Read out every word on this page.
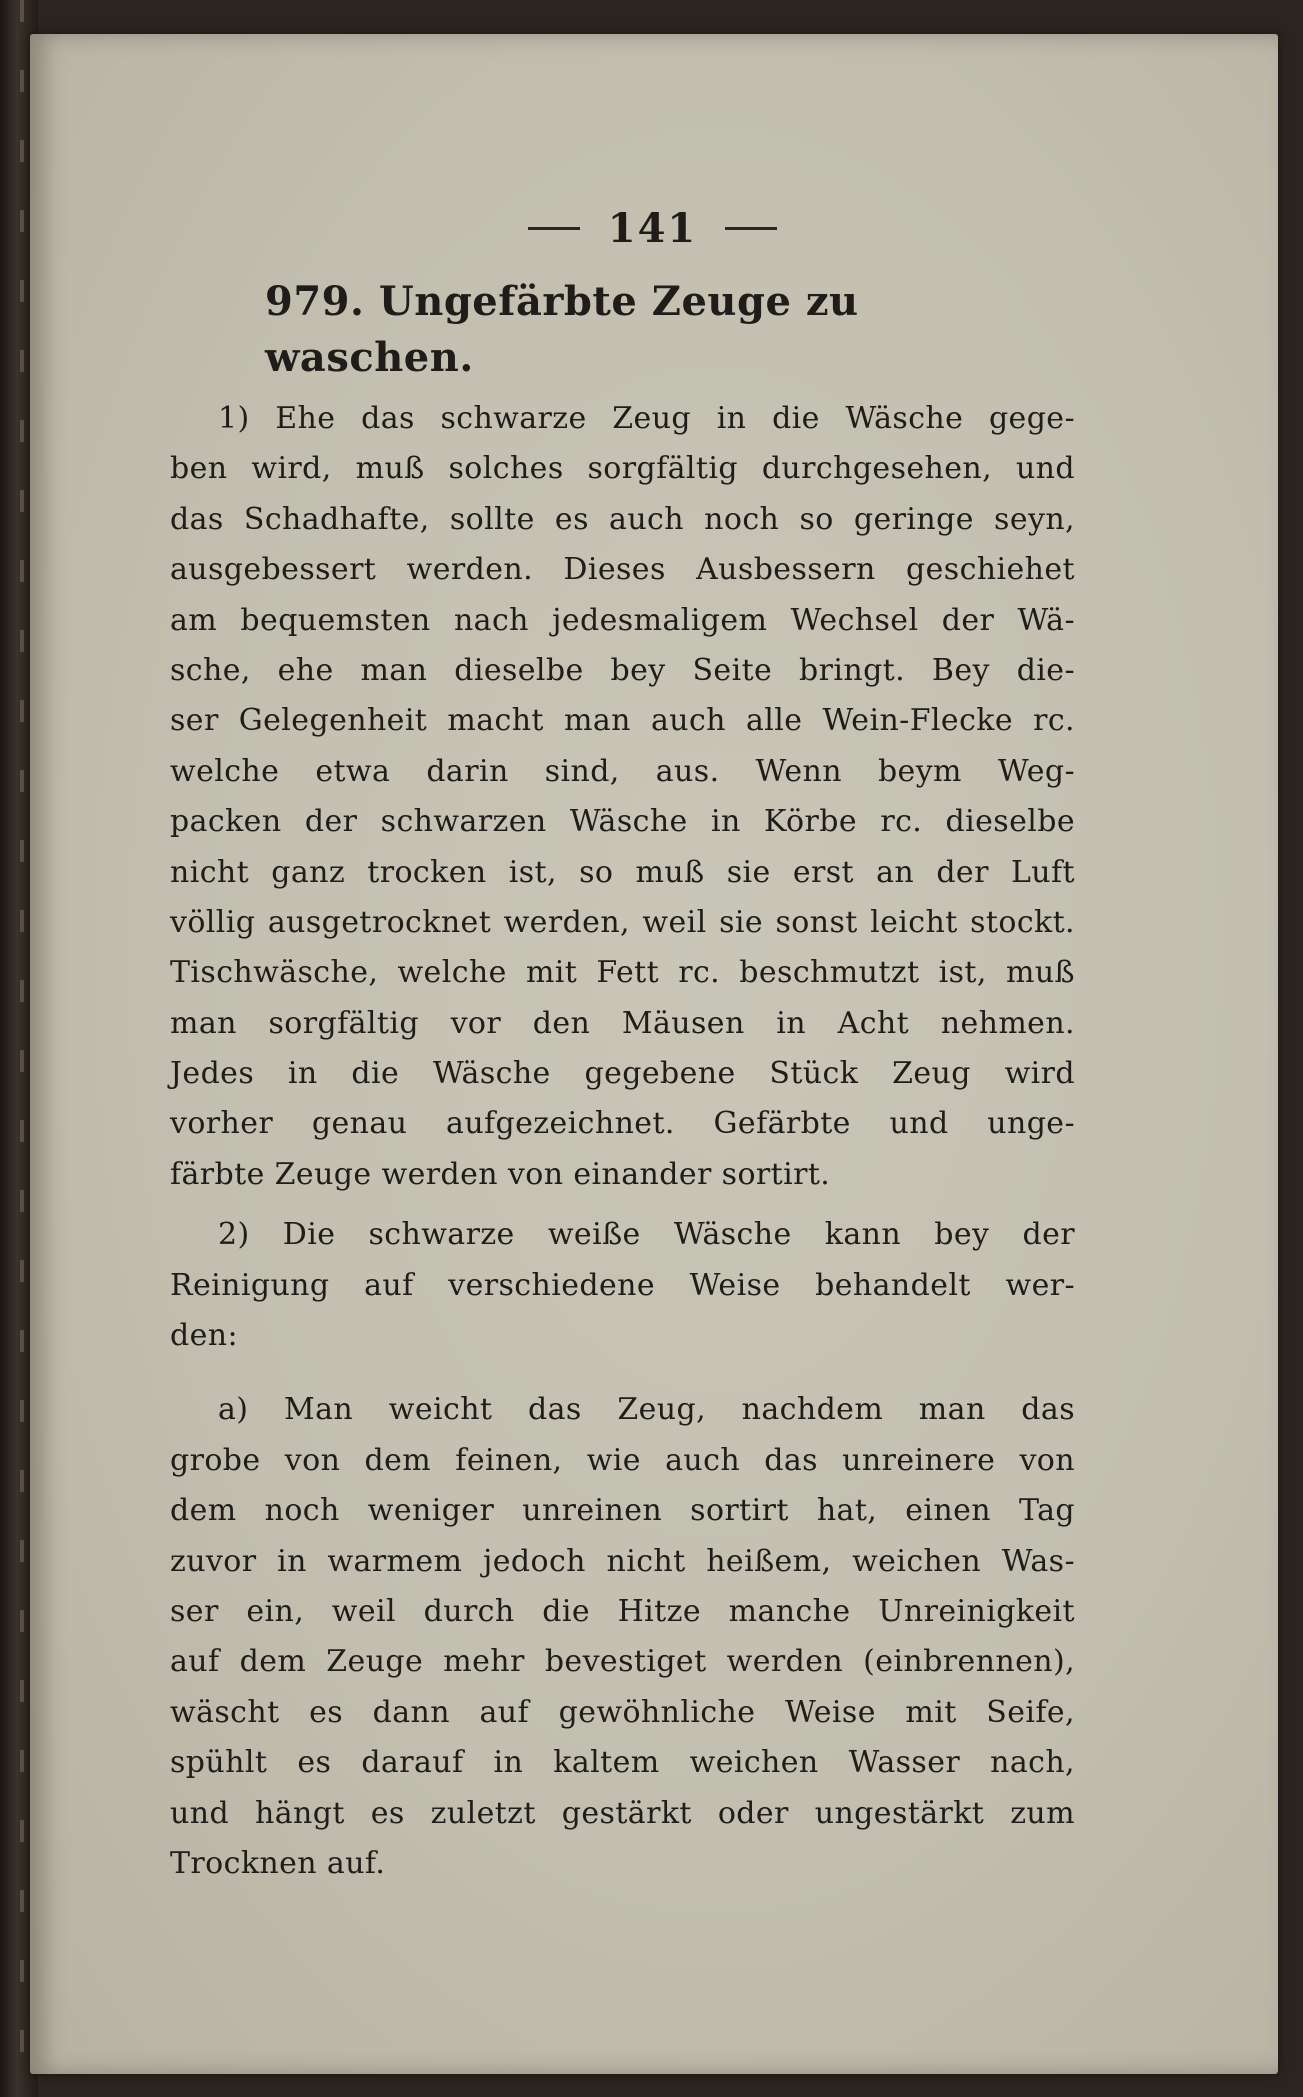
141
979. Ungefärbte Zeuge zu waschen.
1) Ehe das schwarze Zeug in die Wäsche gege-
ben wird, muß solches sorgfältig durchgesehen, und
das Schadhafte, sollte es auch noch so geringe seyn,
ausgebessert werden. Dieses Ausbessern geschiehet
am bequemsten nach jedesmaligem Wechsel der Wä-
sche, ehe man dieselbe bey Seite bringt. Bey die-
ser Gelegenheit macht man auch alle Wein-Flecke rc.
welche etwa darin sind, aus. Wenn beym Weg-
packen der schwarzen Wäsche in Körbe rc. dieselbe
nicht ganz trocken ist, so muß sie erst an der Luft
völlig ausgetrocknet werden, weil sie sonst leicht stockt.
Tischwäsche, welche mit Fett rc. beschmutzt ist, muß
man sorgfältig vor den Mäusen in Acht nehmen.
Jedes in die Wäsche gegebene Stück Zeug wird
vorher genau aufgezeichnet. Gefärbte und unge-
färbte Zeuge werden von einander sortirt.
2) Die schwarze weiße Wäsche kann bey der
Reinigung auf verschiedene Weise behandelt wer-
den:
a) Man weicht das Zeug, nachdem man das
grobe von dem feinen, wie auch das unreinere von
dem noch weniger unreinen sortirt hat, einen Tag
zuvor in warmem jedoch nicht heißem, weichen Was-
ser ein, weil durch die Hitze manche Unreinigkeit
auf dem Zeuge mehr bevestiget werden (einbrennen),
wäscht es dann auf gewöhnliche Weise mit Seife,
spühlt es darauf in kaltem weichen Wasser nach,
und hängt es zuletzt gestärkt oder ungestärkt zum
Trocknen auf.
